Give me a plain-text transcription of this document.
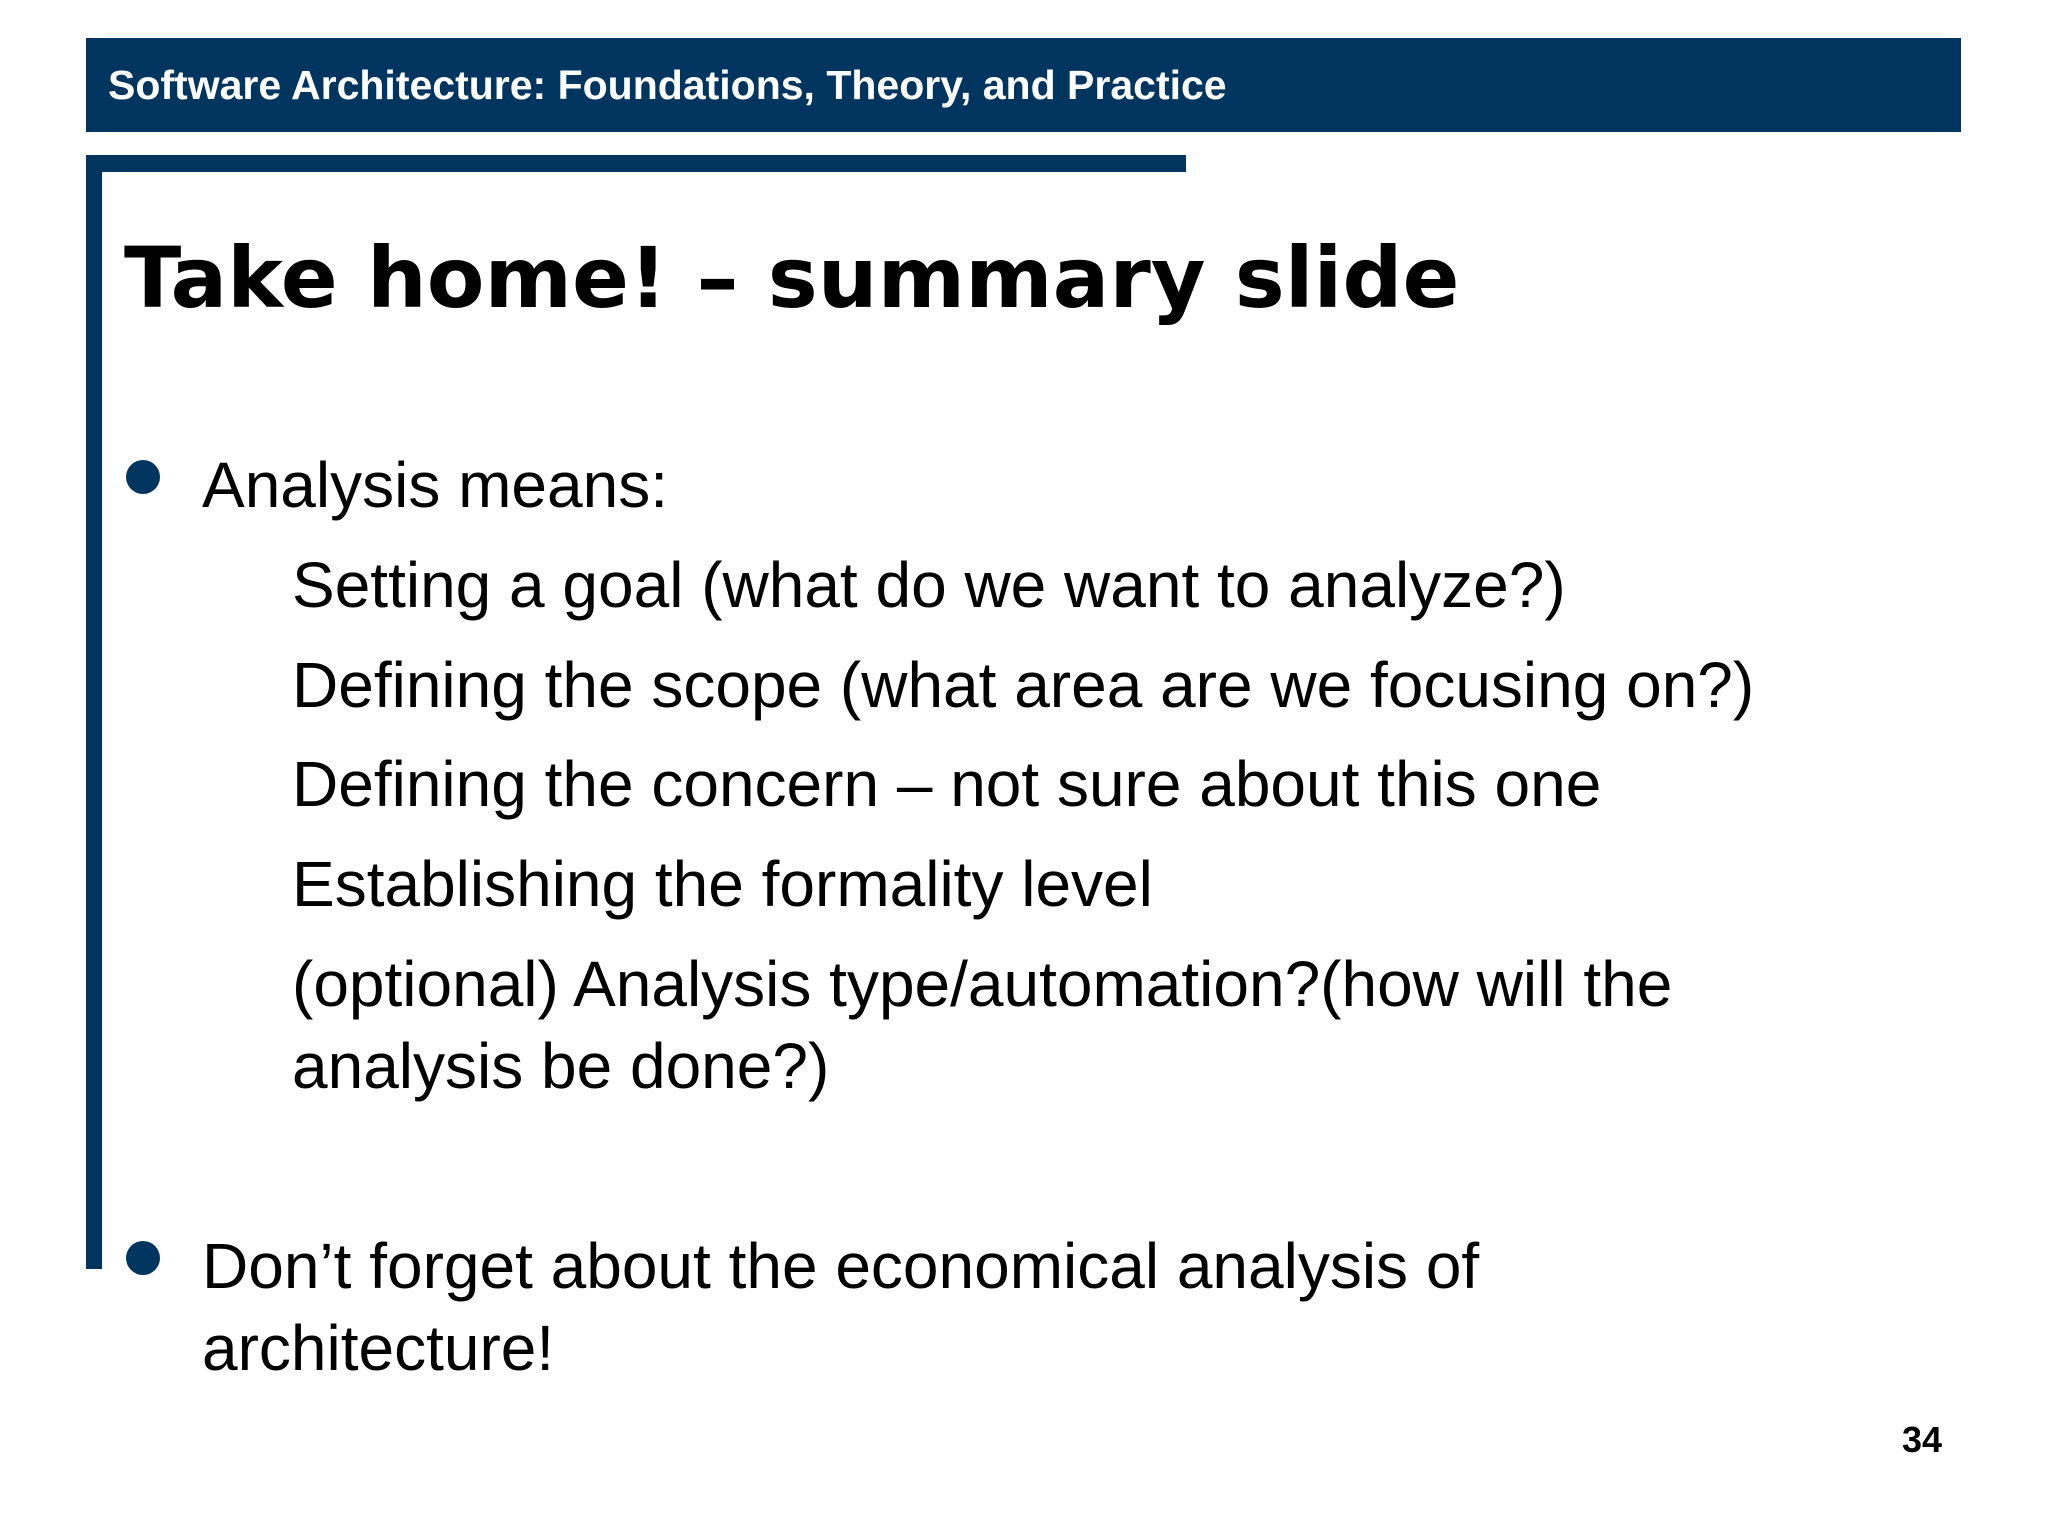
Software Architecture: Foundations, Theory, and Practice
Take home! – summary slide
Analysis means:
Setting a goal (what do we want to analyze?)
Defining the scope (what area are we focusing on?)
Defining the concern – not sure about this one
Establishing the formality level
(optional) Analysis type/automation?(how will the
analysis be done?)
Don’t forget about the economical analysis of
architecture!
34
